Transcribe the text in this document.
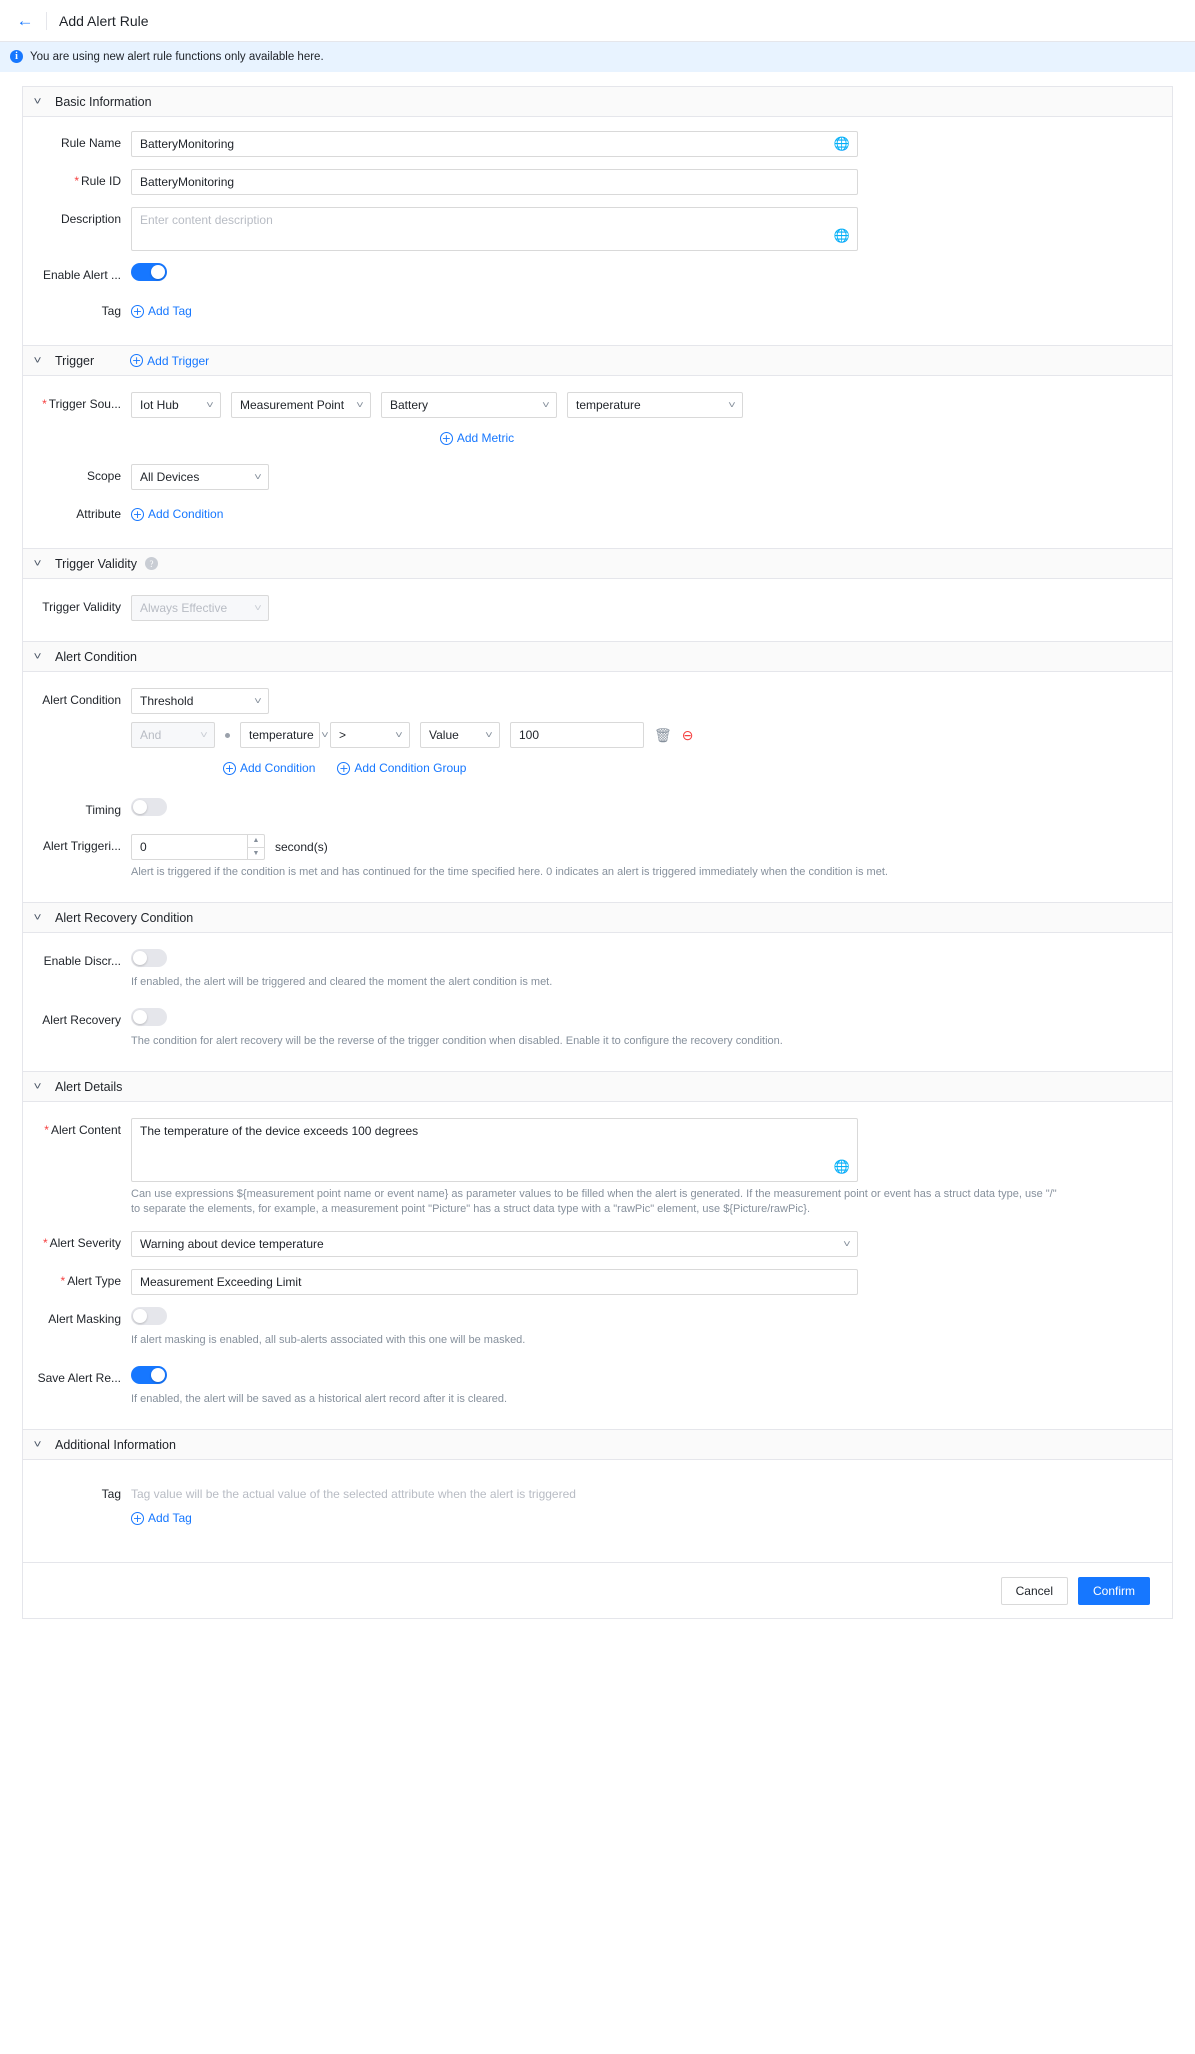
← Add Alert Rule
i	You are using new alert rule functions only available here.
˅	Basic Information
Rule Name	BatteryMonitoring	🌐
* Rule ID	BatteryMonitoring
Description	Enter content description
🌐
Enable Alert ...
Tag	+ Add Tag
˅	Trigger	+ Add Trigger
* Trigger Sou...	Iot Hub	˅ Measurement Point ˅ Battery	˅ temperature	˅
+ Add Metric
Scope	All Devices	˅
Attribute	+ Add Condition
˅	Trigger Validity	?
Trigger Validity	Always Effective	˅
˅	Alert Condition
Alert Condition	Threshold	˅
And	˅	temperature ˅ >	˅ Value	˅ 100	🗑 ⊖
+ Add Condition + Add Condition Group
Timing
Alert Triggeri...	0	▲
▼	second(s)
Alert is triggered if the condition is met and has continued for the time specified here. 0 indicates an alert is triggered immediately when the condition is met.
˅	Alert Recovery Condition
Enable Discr...
If enabled, the alert will be triggered and cleared the moment the alert condition is met.
Alert Recovery
The condition for alert recovery will be the reverse of the trigger condition when disabled. Enable it to configure the recovery condition.
˅	Alert Details
* Alert Content	The temperature of the device exceeds 100 degrees
🌐
Can use expressions ${measurement point name or event name} as parameter values to be filled when the alert is generated. If the measurement point or event has a struct data type, use "/" to separate the elements, for example, a measurement point "Picture" has a struct data type with a "rawPic" element, use ${Picture/rawPic}.
* Alert Severity	Warning about device temperature	˅
* Alert Type	Measurement Exceeding Limit
Alert Masking
If alert masking is enabled, all sub-alerts associated with this one will be masked.
Save Alert Re...
If enabled, the alert will be saved as a historical alert record after it is cleared.
˅	Additional Information
Tag Tag value will be the actual value of the selected attribute when the alert is triggered
+ Add Tag
Cancel	Confirm
